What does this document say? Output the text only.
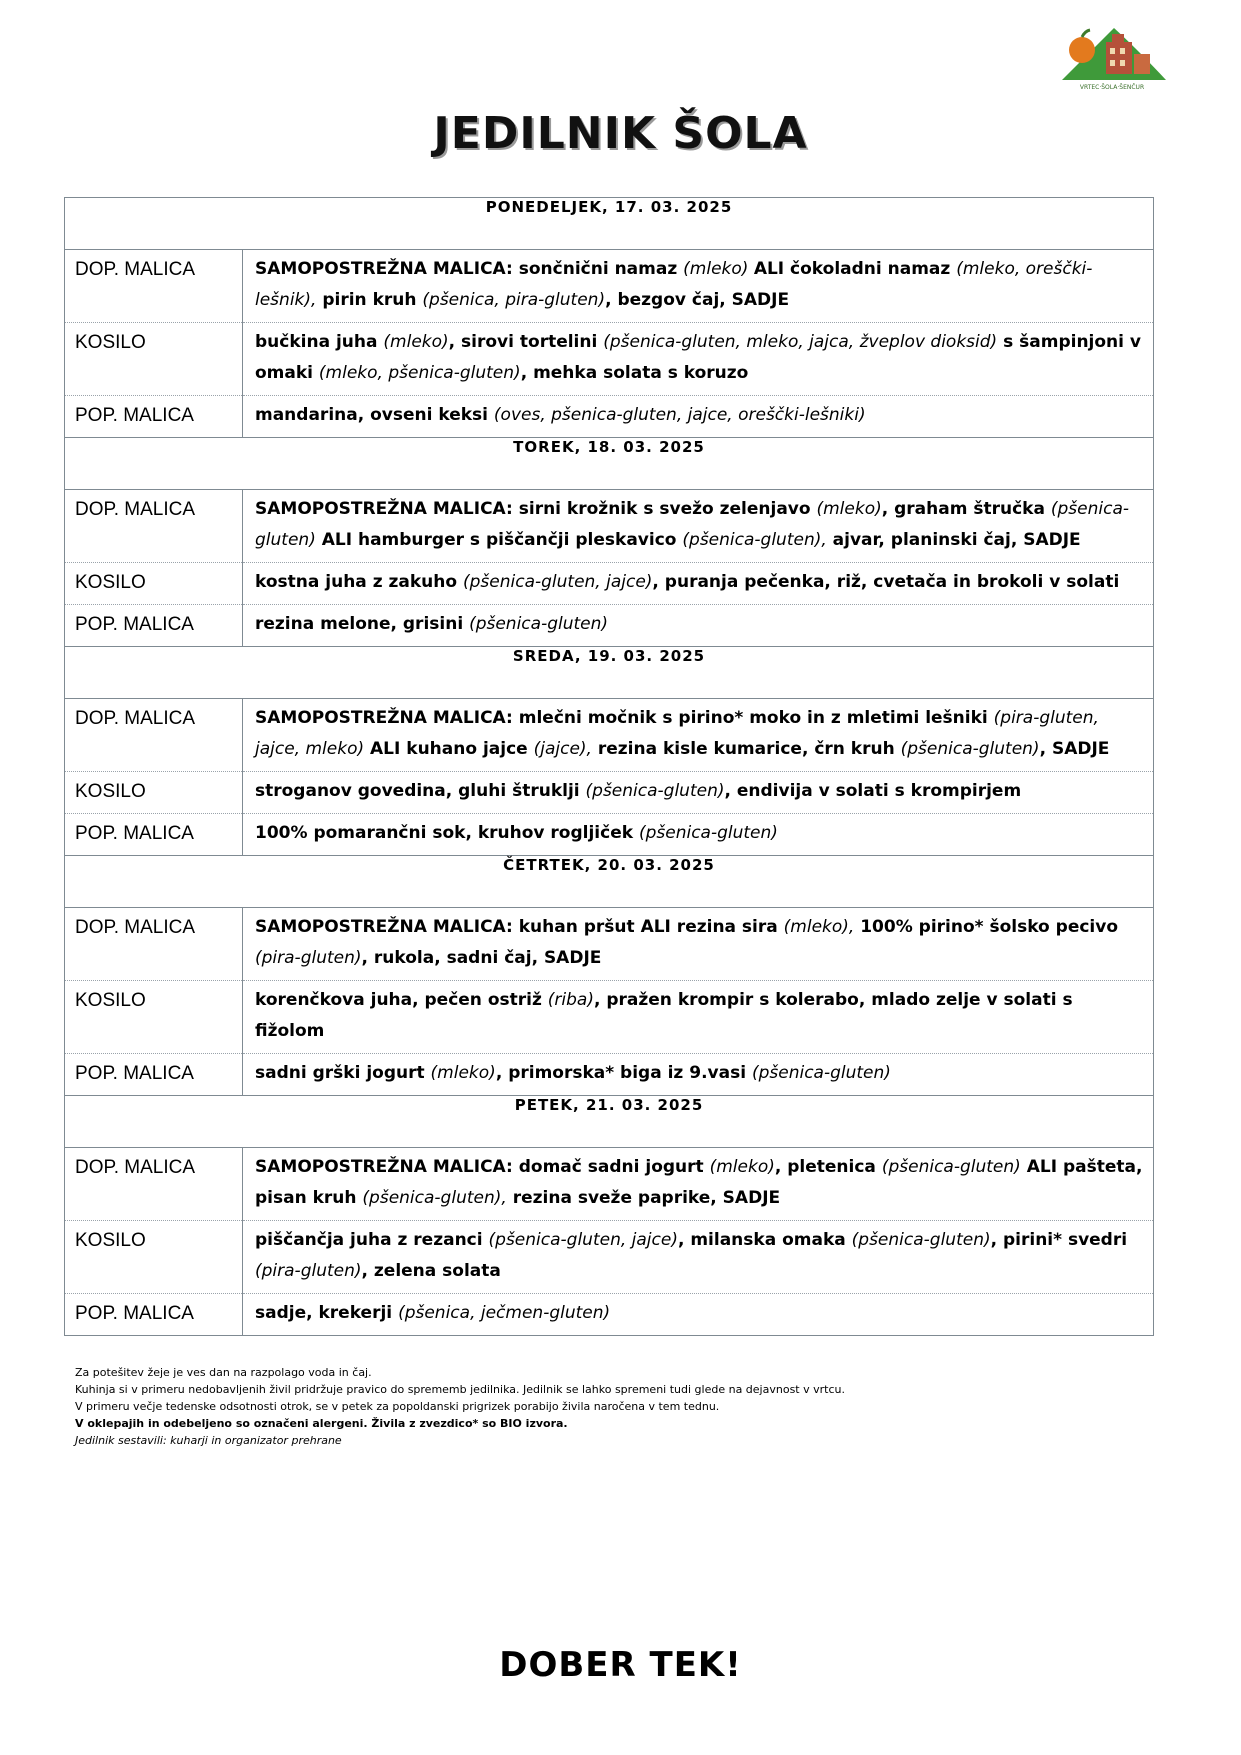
VRTEC·ŠOLA·ŠENČUR
JEDILNIK ŠOLA
PONEDELJEK, 17. 03. 2025	
DOP. MALICA	SAMOPOSTREŽNA MALICA: sončnični namaz (mleko) ALI čokoladni namaz (mleko, oreščki-lešnik), pirin kruh (pšenica, pira-gluten), bezgov čaj, SADJE
KOSILO	bučkina juha (mleko), sirovi tortelini (pšenica-gluten, mleko, jajca, žveplov dioksid) s šampinjoni v omaki (mleko, pšenica-gluten), mehka solata s koruzo
POP. MALICA	mandarina, ovseni keksi (oves, pšenica-gluten, jajce, oreščki-lešniki)
TOREK, 18. 03. 2025	
DOP. MALICA	SAMOPOSTREŽNA MALICA: sirni krožnik s svežo zelenjavo (mleko), graham štručka (pšenica-gluten) ALI hamburger s piščančji pleskavico (pšenica-gluten), ajvar, planinski čaj, SADJE
KOSILO	kostna juha z zakuho (pšenica-gluten, jajce), puranja pečenka, riž, cvetača in brokoli v solati
POP. MALICA	rezina melone, grisini (pšenica-gluten)
SREDA, 19. 03. 2025	
DOP. MALICA	SAMOPOSTREŽNA MALICA: mlečni močnik s pirino* moko in z mletimi lešniki (pira-gluten, jajce, mleko) ALI kuhano jajce (jajce), rezina kisle kumarice, črn kruh (pšenica-gluten), SADJE
KOSILO	stroganov govedina, gluhi štruklji (pšenica-gluten), endivija v solati s krompirjem
POP. MALICA	100% pomarančni sok, kruhov rogljiček (pšenica-gluten)
ČETRTEK, 20. 03. 2025	
DOP. MALICA	SAMOPOSTREŽNA MALICA: kuhan pršut ALI rezina sira (mleko), 100% pirino* šolsko pecivo (pira-gluten), rukola, sadni čaj, SADJE
KOSILO	korenčkova juha, pečen ostriž (riba), pražen krompir s kolerabo, mlado zelje v solati s fižolom
POP. MALICA	sadni grški jogurt (mleko), primorska* biga iz 9.vasi (pšenica-gluten)
PETEK, 21. 03. 2025	
DOP. MALICA	SAMOPOSTREŽNA MALICA: domač sadni jogurt (mleko), pletenica (pšenica-gluten) ALI pašteta, pisan kruh (pšenica-gluten), rezina sveže paprike, SADJE
KOSILO	piščančja juha z rezanci (pšenica-gluten, jajce), milanska omaka (pšenica-gluten), pirini* svedri (pira-gluten), zelena solata
POP. MALICA	sadje, krekerji (pšenica, ječmen-gluten)
Za potešitev žeje je ves dan na razpolago voda in čaj.
Kuhinja si v primeru nedobavljenih živil pridržuje pravico do sprememb jedilnika. Jedilnik se lahko spremeni tudi glede na dejavnost v vrtcu.
V primeru večje tedenske odsotnosti otrok, se v petek za popoldanski prigrizek porabijo živila naročena v tem tednu.
V oklepajih in odebeljeno so označeni alergeni. Živila z zvezdico* so BIO izvora.
Jedilnik sestavili: kuharji in organizator prehrane
DOBER TEK!
